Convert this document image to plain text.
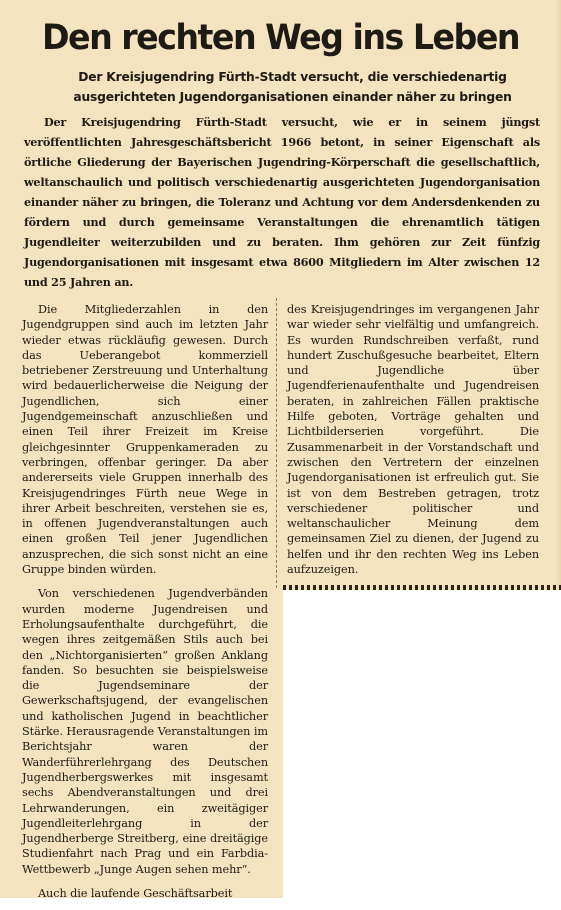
Den rechten Weg ins Leben
Der Kreisjugendring Fürth-Stadt versucht, die verschiedenartig ausgerichteten Jugendorganisationen einander näher zu bringen
Der Kreisjugendring Fürth-Stadt versucht, wie er in seinem jüngst veröffentlichten Jahresgeschäftsbericht 1966 betont, in seiner Eigenschaft als örtliche Gliederung der Bayerischen Jugendring-Körperschaft die gesellschaftlich, weltanschaulich und politisch verschiedenartig ausgerichteten Jugendorganisation einander näher zu bringen, die Toleranz und Achtung vor dem Andersdenkenden zu fördern und durch gemeinsame Veranstaltungen die ehrenamtlich tätigen Jugendleiter weiterzubilden und zu beraten. Ihm gehören zur Zeit fünfzig Jugendorganisationen mit insgesamt etwa 8600 Mitgliedern im Alter zwischen 12 und 25 Jahren an.

Die Mitgliederzahlen in den Jugendgruppen sind auch im letzten Jahr wieder etwas rückläufig gewesen. Durch das Ueberangebot kommerziell betriebener Zerstreuung und Unterhaltung wird bedauerlicherweise die Neigung der Jugendlichen, sich einer Jugendgemeinschaft anzuschließen und einen Teil ihrer Freizeit im Kreise gleichgesinnter Gruppenkameraden zu verbringen, offenbar geringer. Da aber andererseits viele Gruppen innerhalb des Kreisjugendringes Fürth neue Wege in ihrer Arbeit beschreiten, verstehen sie es, in offenen Jugendveranstaltungen auch einen großen Teil jener Jugendlichen anzusprechen, die sich sonst nicht an eine Gruppe binden würden.

Von verschiedenen Jugendverbänden wurden moderne Jugendreisen und Erholungsaufenthalte durchgeführt, die wegen ihres zeitgemäßen Stils auch bei den „Nichtorganisierten“ großen Anklang fanden. So besuchten sie beispielsweise die Jugendseminare der Gewerkschaftsjugend, der evangelischen und katholischen Jugend in beachtlicher Stärke. Herausragende Veranstaltungen im Berichtsjahr waren der Wanderführerlehrgang des Deutschen Jugendherbergswerkes mit insgesamt sechs Abendveranstaltungen und drei Lehrwanderungen, ein zweitägiger Jugendleiterlehrgang in der Jugendherberge Streitberg, eine dreitägige Studienfahrt nach Prag und ein Farbdia-Wettbewerb „Junge Augen sehen mehr“.

Auch die laufende Geschäftsarbeit

des Kreisjugendringes im vergangenen Jahr war wieder sehr vielfältig und umfangreich. Es wurden Rundschreiben verfaßt, rund hundert Zuschußgesuche bearbeitet, Eltern und Jugendliche über Jugendferienaufenthalte und Jugendreisen beraten, in zahlreichen Fällen praktische Hilfe geboten, Vorträge gehalten und Lichtbilderserien vorgeführt. Die Zusammenarbeit in der Vorstandschaft und zwischen den Vertretern der einzelnen Jugendorganisationen ist erfreulich gut. Sie ist von dem Bestreben getragen, trotz verschiedener politischer und weltanschaulicher Meinung dem gemeinsamen Ziel zu dienen, der Jugend zu helfen und ihr den rechten Weg ins Leben aufzuzeigen.
